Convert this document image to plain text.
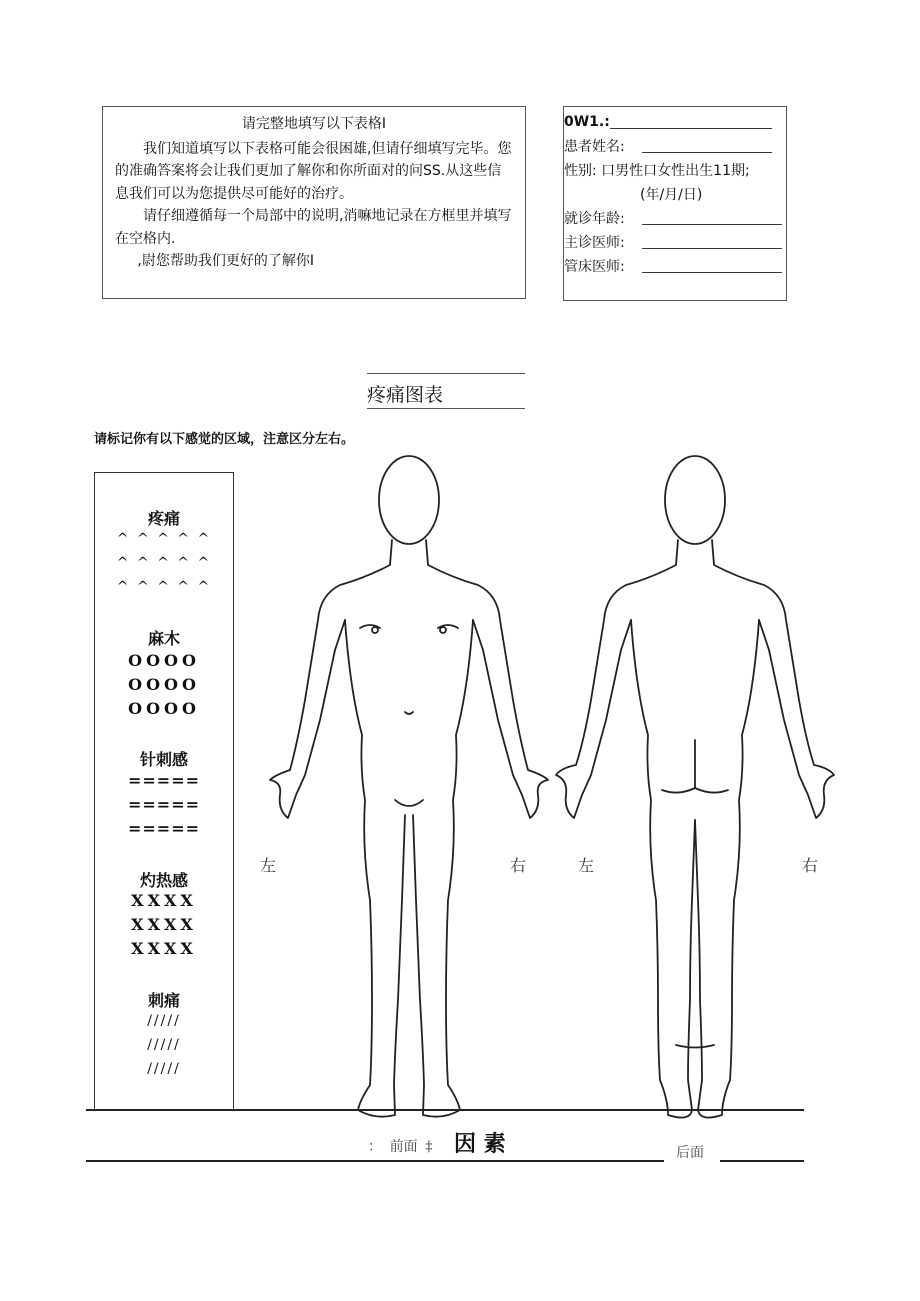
请完整地填写以下表格I

我们知道填写以下表格可能会很困雄,但请仔细填写完毕。您的准确答案将会让我们更加了解你和你所面对的问SS.从这些信息我们可以为您提供尽可能好的治疗。

请仔细遵循每一个局部中的说明,消嘛地记录在方框里并填写在空格内.

,尉您帮助我们更好的了解你I

0W1.:
患者姓名:
性别: 口男性口女性出生11期;
(年/月/日)
就诊年龄:
主诊医师:
管床医师:
疼痛图表
请标记你有以下感觉的区域，注意区分左右。
疼痛
^ ^ ^ ^ ^
^ ^ ^ ^ ^
^ ^ ^ ^ ^
麻木
OOOO
OOOO
OOOO
针刺感
=====
=====
=====
灼热感
XXXX
XXXX
XXXX
刺痛
/////
/////
/////
左	右	左	右
： 前面 ‡ 因 素	后面
